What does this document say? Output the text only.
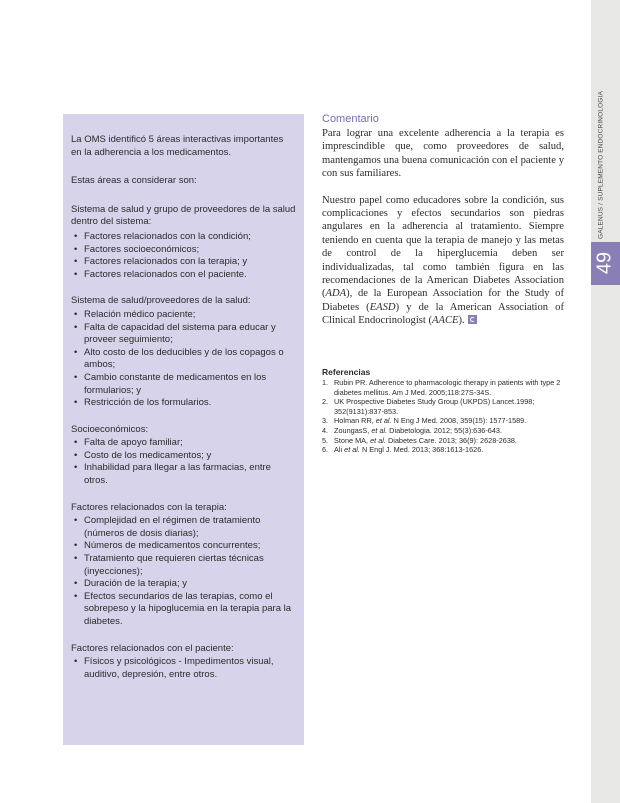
GALENUS/SUPLEMENTO ENDOCRINOLOGIA
49

La OMS identificó 5 áreas interactivas importantes en la adherencia a los medicamentos.

Estas áreas a considerar son:

Sistema de salud y grupo de proveedores de la salud dentro del sistema:

• Factores relacionados con la condición;
• Factores socioeconómicos;
• Factores relacionados con la terapia; y
• Factores relacionados con el paciente.

Sistema de salud/proveedores de la salud:

• Relación médico paciente;
• Falta de capacidad del sistema para educar y proveer seguimiento;
• Alto costo de los deducibles y de los copagos o ambos;
• Cambio constante de medicamentos en los formularios; y
• Restricción de los formularios.

Socioeconómicos:

• Falta de apoyo familiar;
• Costo de los medicamentos; y
• Inhabilidad para llegar a las farmacias, entre otros.

Factores relacionados con la terapia:

• Complejidad en el régimen de tratamiento (números de dosis diarias);
• Números de medicamentos concurrentes;
• Tratamiento que requieren ciertas técnicas (inyecciones);
• Duración de la terapia; y
• Efectos secundarios de las terapias, como el sobrepeso y la hipoglucemia en la terapia para la diabetes.

Factores relacionados con el paciente:

• Físicos y psicológicos - Impedimentos visual, auditivo, depresión, entre otros.

Comentario

Para lograr una excelente adherencia a la terapia es imprescindible que, como proveedores de salud, mantengamos una buena comunicación con el paciente y con sus familiares.

Nuestro papel como educadores sobre la condición, sus complicaciones y efectos secundarios son piedras angulares en la adherencia al tratamiento. Siempre teniendo en cuenta que la terapia de manejo y las metas de control de la hiperglucemia deben ser individualizadas, tal como también figura en las recomendaciones de la American Diabetes Association (ADA), de la European Association for the Study of Diabetes (EASD) y de la American Association of Clinical Endocrinologist (AACE).

Referencias

1. Rubin PR. Adherence to pharmacologic therapy in patients with type 2 diabetes mellitus. Am J Med. 2005;118:27S-34S.
2. UK Prospective Diabetes Study Group (UKPDS) Lancet.1998; 352(9131):837-853.
3. Holman RR, et al. N Eng J Med. 2008, 359(15): 1577-1589.
4. ZoungasS, et al. Diabetologia. 2012; 55(3):636-643.
5. Stone MA, et al. Diabetes Care. 2013; 36(9): 2628-2638.
6. Ali et al. N Engl J. Med. 2013; 368:1613-1626.
